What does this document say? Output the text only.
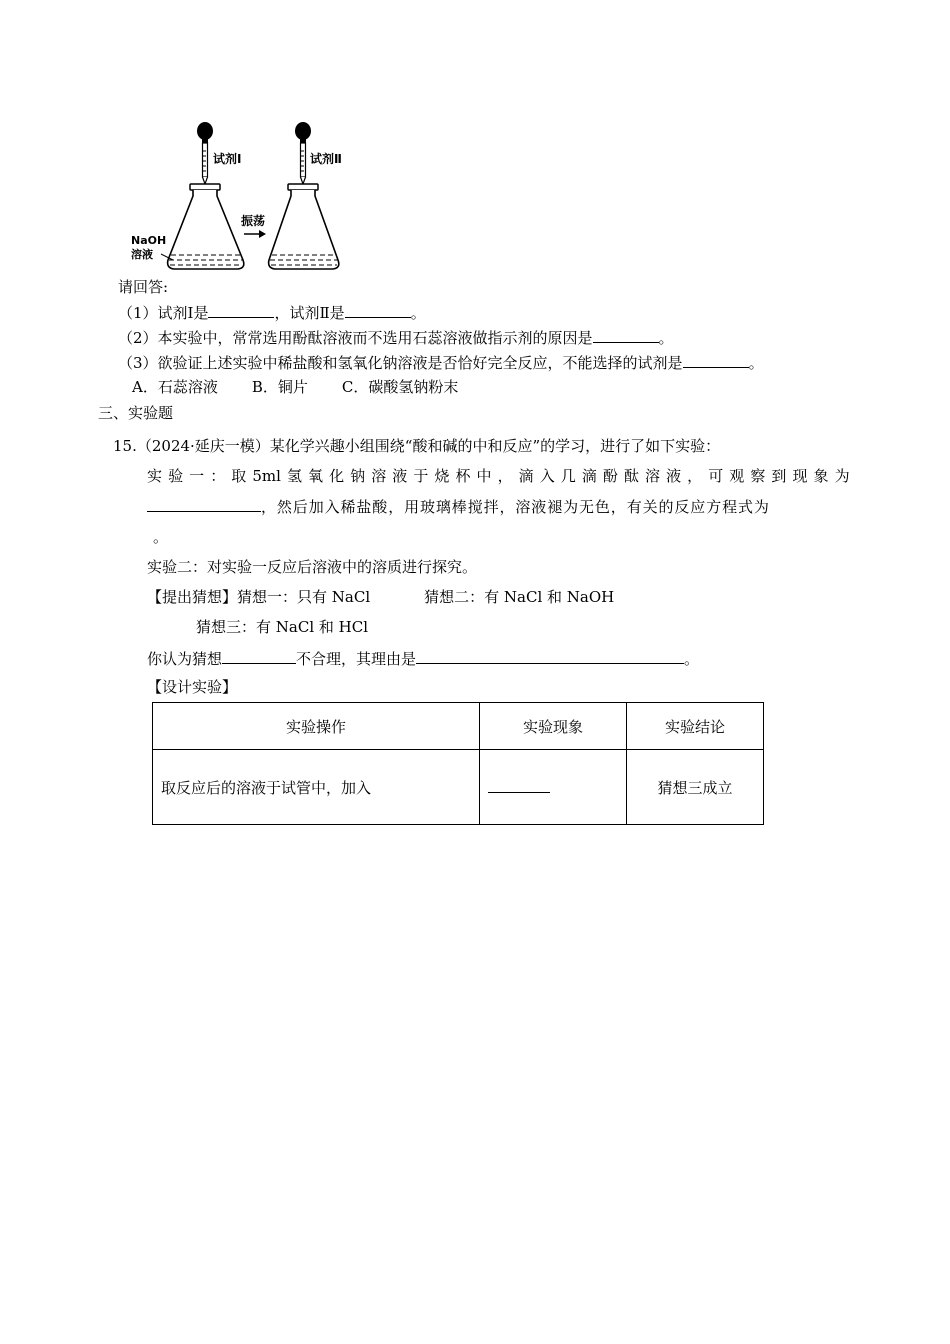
试剂Ⅰ
NaOH
溶液
振荡
试剂Ⅱ
请回答:
（1）试剂Ⅰ是	，试剂Ⅱ是	。
（2）本实验中，常常选用酚酞溶液而不选用石蕊溶液做指示剂的原因是	。
（3）欲验证上述实验中稀盐酸和氢氧化钠溶液是否恰好完全反应，不能选择的试剂是	。
A．石蕊溶液 B．铜片 C．碳酸氢钠粉末
三、实验题
15.（2024·延庆一模）某化学兴趣小组围绕“酸和碱的中和反应”的学习，进行了如下实验：
实 验 一 ： 取 5ml 氢 氧 化 钠 溶 液 于 烧 杯 中 ， 滴 入 几 滴 酚 酞 溶 液 ， 可 观 察 到 现 象 为
，然后加入稀盐酸，用玻璃棒搅拌，溶液褪为无色，有关的反应方程式为
。
实验二：对实验一反应后溶液中的溶质进行探究。
【提出猜想】猜想一：只有 NaCl	猜想二：有 NaCl 和 NaOH
猜想三：有 NaCl 和 HCl
你认为猜想	不合理，其理由是	。
【设计实验】
实验操作	实验现象	实验结论
取反应后的溶液于试管中，加入		猜想三成立
